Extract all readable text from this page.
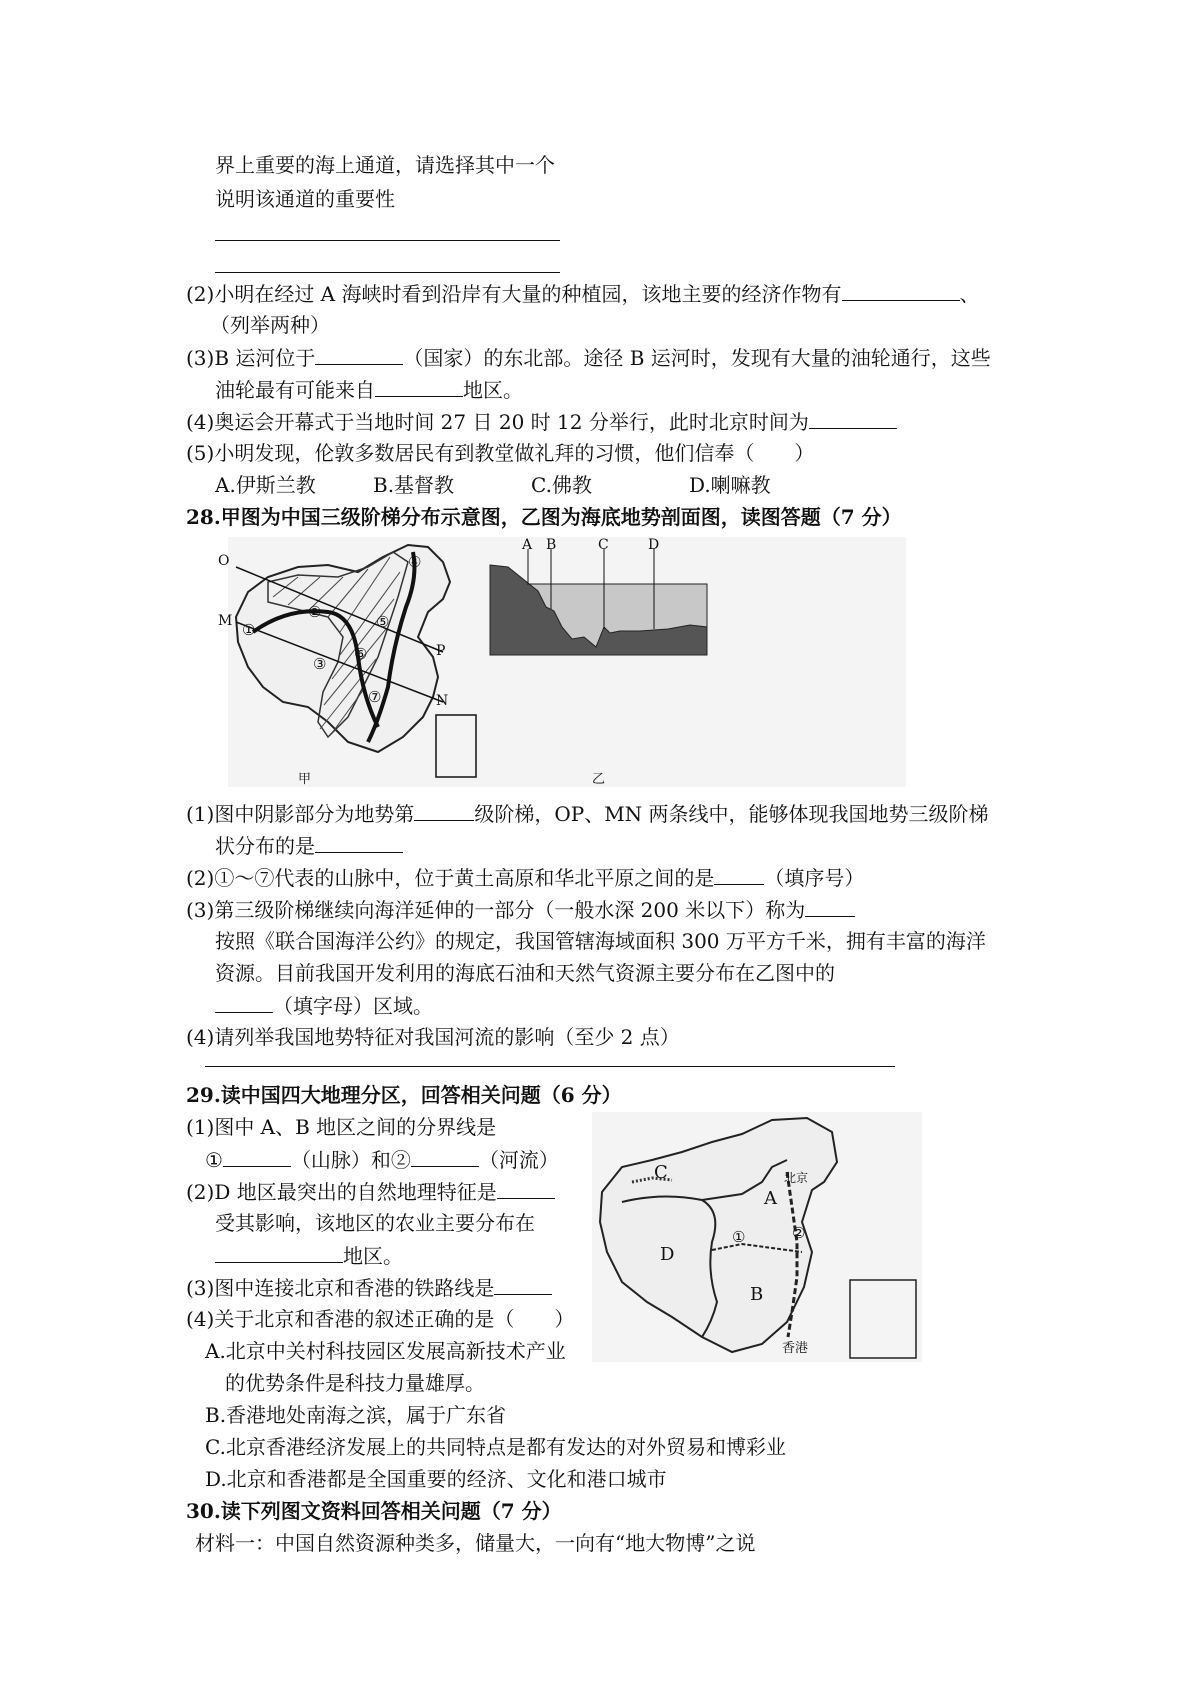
界上重要的海上通道，请选择其中一个
说明该通道的重要性
(2)小明在经过 A 海峡时看到沿岸有大量的种植园，该地主要的经济作物有	、
（列举两种）
(3)B 运河位于	（国家）的东北部。途径 B 运河时，发现有大量的油轮通行，这些
油轮最有可能来自	地区。
(4)奥运会开幕式于当地时间 27 日 20 时 12 分举行，此时北京时间为
(5)小明发现，伦敦多数居民有到教堂做礼拜的习惯，他们信奉（　　）
A.伊斯兰教	B.基督教	C.佛教	D.喇嘛教
28.甲图为中国三级阶梯分布示意图，乙图为海底地势剖面图，读图答题（7 分）
O
M
P
N
①
②
③
④
⑤
⑥
⑦
甲
A B	C	D
乙
(1)图中阴影部分为地势第	级阶梯，OP、MN 两条线中，能够体现我国地势三级阶梯
状分布的是
(2)①～⑦代表的山脉中，位于黄土高原和华北平原之间的是	（填序号）
(3)第三级阶梯继续向海洋延伸的一部分（一般水深 200 米以下）称为
按照《联合国海洋公约》的规定，我国管辖海域面积 300 万平方千米，拥有丰富的海洋
资源。目前我国开发利用的海底石油和天然气资源主要分布在乙图中的
（填字母）区域。
(4)请列举我国地势特征对我国河流的影响（至少 2 点）
29.读中国四大地理分区，回答相关问题（6 分）
(1)图中 A、B 地区之间的分界线是
①	（山脉）和②	（河流）
(2)D 地区最突出的自然地理特征是
受其影响，该地区的农业主要分布在
地区。
(3)图中连接北京和香港的铁路线是
(4)关于北京和香港的叙述正确的是（　　）
A.北京中关村科技园区发展高新技术产业
的优势条件是科技力量雄厚。
B.香港地处南海之滨，属于广东省
C.北京香港经济发展上的共同特点是都有发达的对外贸易和博彩业
D.北京和香港都是全国重要的经济、文化和港口城市
C
A
D
B
①	②
北京
香港
30.读下列图文资料回答相关问题（7 分）
材料一：中国自然资源种类多，储量大，一向有“地大物博”之说
